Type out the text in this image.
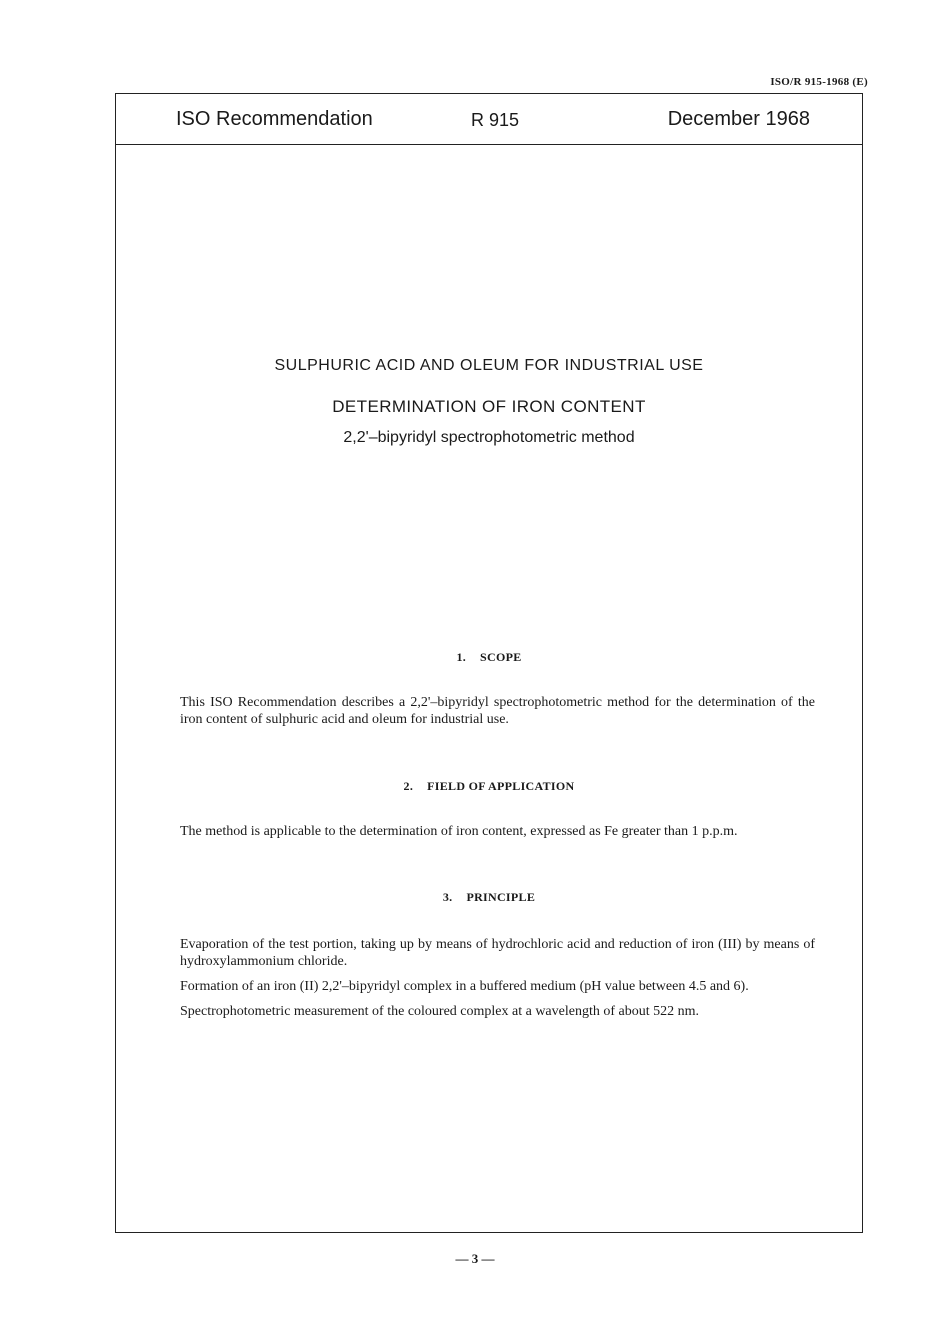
ISO/R 915-1968 (E)
ISO Recommendation	R 915	December 1968
SULPHURIC ACID AND OLEUM FOR INDUSTRIAL USE
DETERMINATION OF IRON CONTENT
2,2'–bipyridyl spectrophotometric method
1. SCOPE

This ISO Recommendation describes a 2,2'–bipyridyl spectrophotometric method for the determination of the iron content of sulphuric acid and oleum for industrial use.

2. FIELD OF APPLICATION

The method is applicable to the determination of iron content, expressed as Fe greater than 1 p.p.m.

3. PRINCIPLE

Evaporation of the test portion, taking up by means of hydrochloric acid and reduction of iron (III) by means of hydroxylammonium chloride.

Formation of an iron (II) 2,2'–bipyridyl complex in a buffered medium (pH value between 4.5 and 6).

Spectrophotometric measurement of the coloured complex at a wavelength of about 522 nm.

— 3 —
